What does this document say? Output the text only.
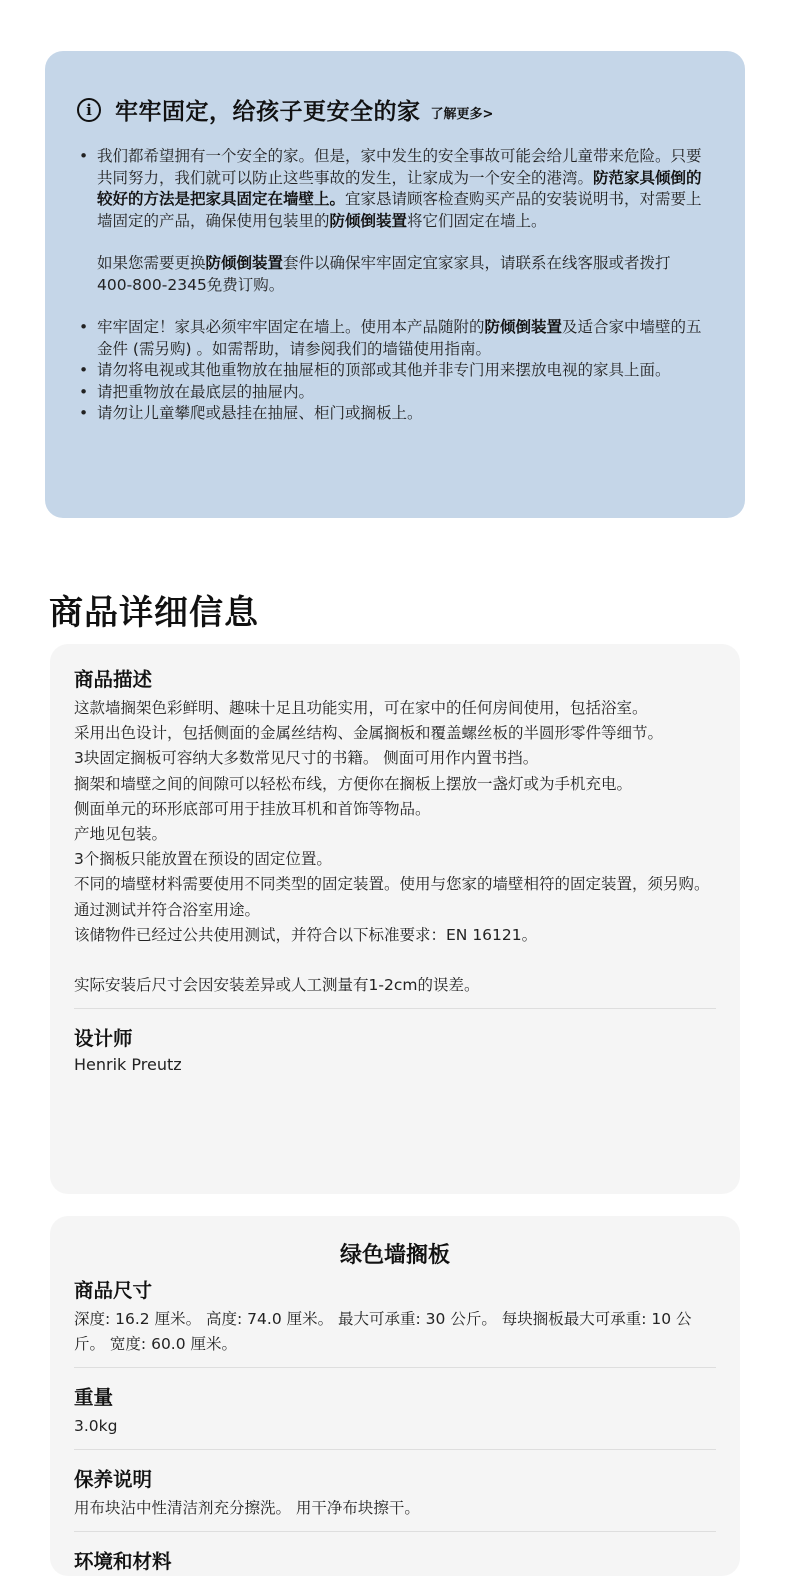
i	牢牢固定，给孩子更安全的家 了解更多>
• 我们都希望拥有一个安全的家。但是，家中发生的安全事故可能会给儿童带来危险。只要共同努力，我们就可以防止这些事故的发生，让家成为一个安全的港湾。防范家具倾倒的较好的方法是把家具固定在墙壁上。宜家恳请顾客检查购买产品的安装说明书，对需要上墙固定的产品，确保使用包装里的防倾倒装置将它们固定在墙上。
如果您需要更换防倾倒装置套件以确保牢牢固定宜家家具，请联系在线客服或者拨打400-800-2345免费订购。
• 牢牢固定！家具必须牢牢固定在墙上。使用本产品随附的防倾倒装置及适合家中墙壁的五金件 (需另购) 。如需帮助，请参阅我们的墙锚使用指南。
• 请勿将电视或其他重物放在抽屉柜的顶部或其他并非专门用来摆放电视的家具上面。
• 请把重物放在最底层的抽屉内。
• 请勿让儿童攀爬或悬挂在抽屉、柜门或搁板上。
商品详细信息
商品描述
这款墙搁架色彩鲜明、趣味十足且功能实用，可在家中的任何房间使用，包括浴室。
采用出色设计，包括侧面的金属丝结构、金属搁板和覆盖螺丝板的半圆形零件等细节。
3块固定搁板可容纳大多数常见尺寸的书籍。 侧面可用作内置书挡。
搁架和墙壁之间的间隙可以轻松布线，方便你在搁板上摆放一盏灯或为手机充电。
侧面单元的环形底部可用于挂放耳机和首饰等物品。
产地见包装。
3个搁板只能放置在预设的固定位置。
不同的墙壁材料需要使用不同类型的固定装置。使用与您家的墙壁相符的固定装置，须另购。
通过测试并符合浴室用途。
该储物件已经过公共使用测试，并符合以下标准要求：EN 16121。
实际安装后尺寸会因安装差异或人工测量有1-2cm的误差。
设计师
Henrik Preutz
绿色墙搁板
商品尺寸
深度: 16.2 厘米。 高度: 74.0 厘米。 最大可承重: 30 公斤。 每块搁板最大可承重: 10 公斤。 宽度: 60.0 厘米。
重量
3.0kg
保养说明
用布块沾中性清洁剂充分擦洗。 用干净布块擦干。
环境和材料
